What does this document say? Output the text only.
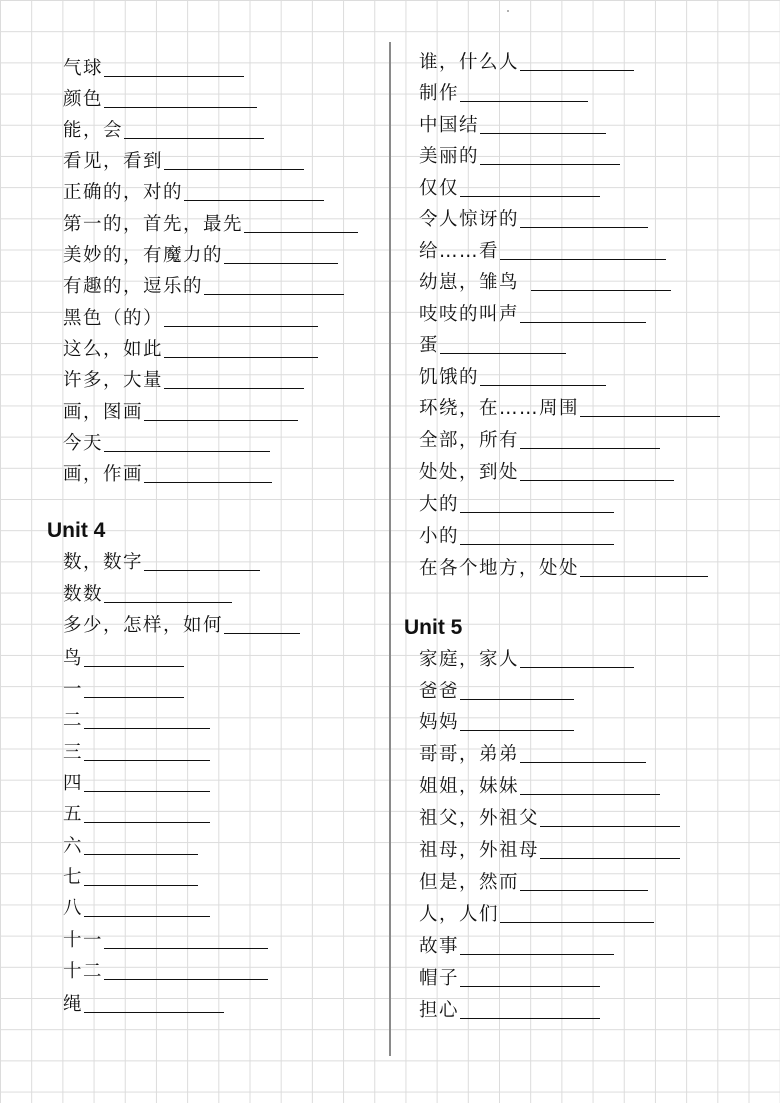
气球
颜色
能，会
看见，看到
正确的，对的
第一的，首先，最先
美妙的，有魔力的
有趣的，逗乐的
黑色（的）
这么，如此
许多，大量
画，图画
今天
画，作画
Unit 4
数，数字
数数
多少，怎样，如何
鸟
一
二
三
四
五
六
七
八
十一
十二
绳
谁，什么人
制作
中国结
美丽的
仅仅
令人惊讶的
给……看
幼崽，雏鸟
吱吱的叫声
蛋
饥饿的
环绕，在……周围
全部，所有
处处，到处
大的
小的
在各个地方，处处
Unit 5
家庭，家人
爸爸
妈妈
哥哥，弟弟
姐姐，妹妹
祖父，外祖父
祖母，外祖母
但是，然而
人，人们
故事
帽子
担心
